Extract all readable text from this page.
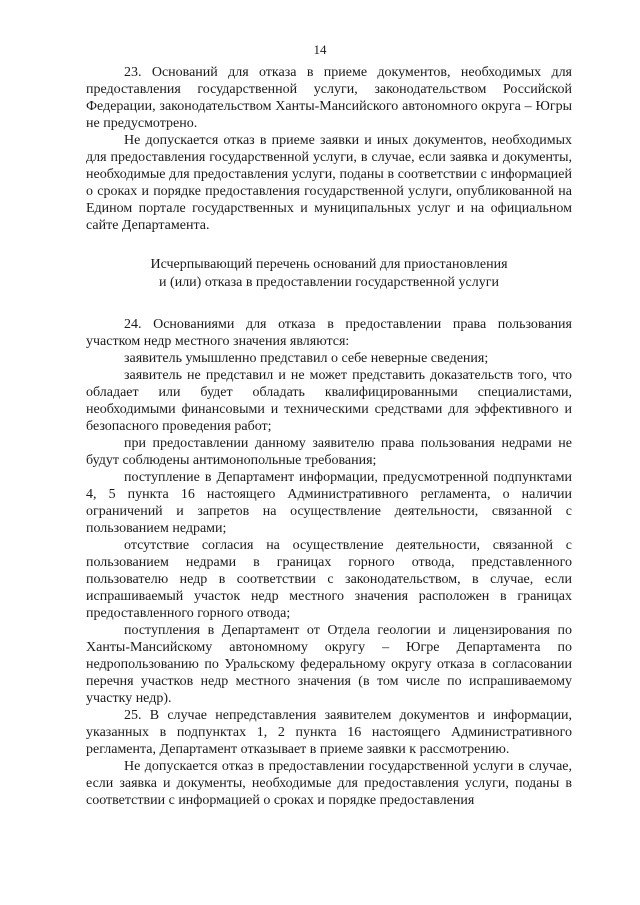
14

23. Оснований для отказа в приеме документов, необходимых для предоставления государственной услуги, законодательством Российской Федерации, законодательством Ханты-Мансийского автономного округа – Югры не предусмотрено.

Не допускается отказ в приеме заявки и иных документов, необходимых для предоставления государственной услуги, в случае, если заявка и документы, необходимые для предоставления услуги, поданы в соответствии с информацией о сроках и порядке предоставления государственной услуги, опубликованной на Едином портале государственных и муниципальных услуг и на официальном сайте Департамента.

Исчерпывающий перечень оснований для приостановления
и (или) отказа в предоставлении государственной услуги

24. Основаниями для отказа в предоставлении права пользования участком недр местного значения являются:

заявитель умышленно представил о себе неверные сведения;

заявитель не представил и не может представить доказательств того, что обладает или будет обладать квалифицированными специалистами, необходимыми финансовыми и техническими средствами для эффективного и безопасного проведения работ;

при предоставлении данному заявителю права пользования недрами не будут соблюдены антимонопольные требования;

поступление в Департамент информации, предусмотренной подпунктами 4, 5 пункта 16 настоящего Административного регламента, о наличии ограничений и запретов на осуществление деятельности, связанной с пользованием недрами;

отсутствие согласия на осуществление деятельности, связанной с пользованием недрами в границах горного отвода, представленного пользователю недр в соответствии с законодательством, в случае, если испрашиваемый участок недр местного значения расположен в границах предоставленного горного отвода;

поступления в Департамент от Отдела геологии и лицензирования по Ханты-Мансийскому автономному округу – Югре Департамента по недропользованию по Уральскому федеральному округу отказа в согласовании перечня участков недр местного значения (в том числе по испрашиваемому участку недр).

25. В случае непредставления заявителем документов и информации, указанных в подпунктах 1, 2 пункта 16 настоящего Административного регламента, Департамент отказывает в приеме заявки к рассмотрению.

Не допускается отказ в предоставлении государственной услуги в случае, если заявка и документы, необходимые для предоставления услуги, поданы в соответствии с информацией о сроках и порядке предоставления
